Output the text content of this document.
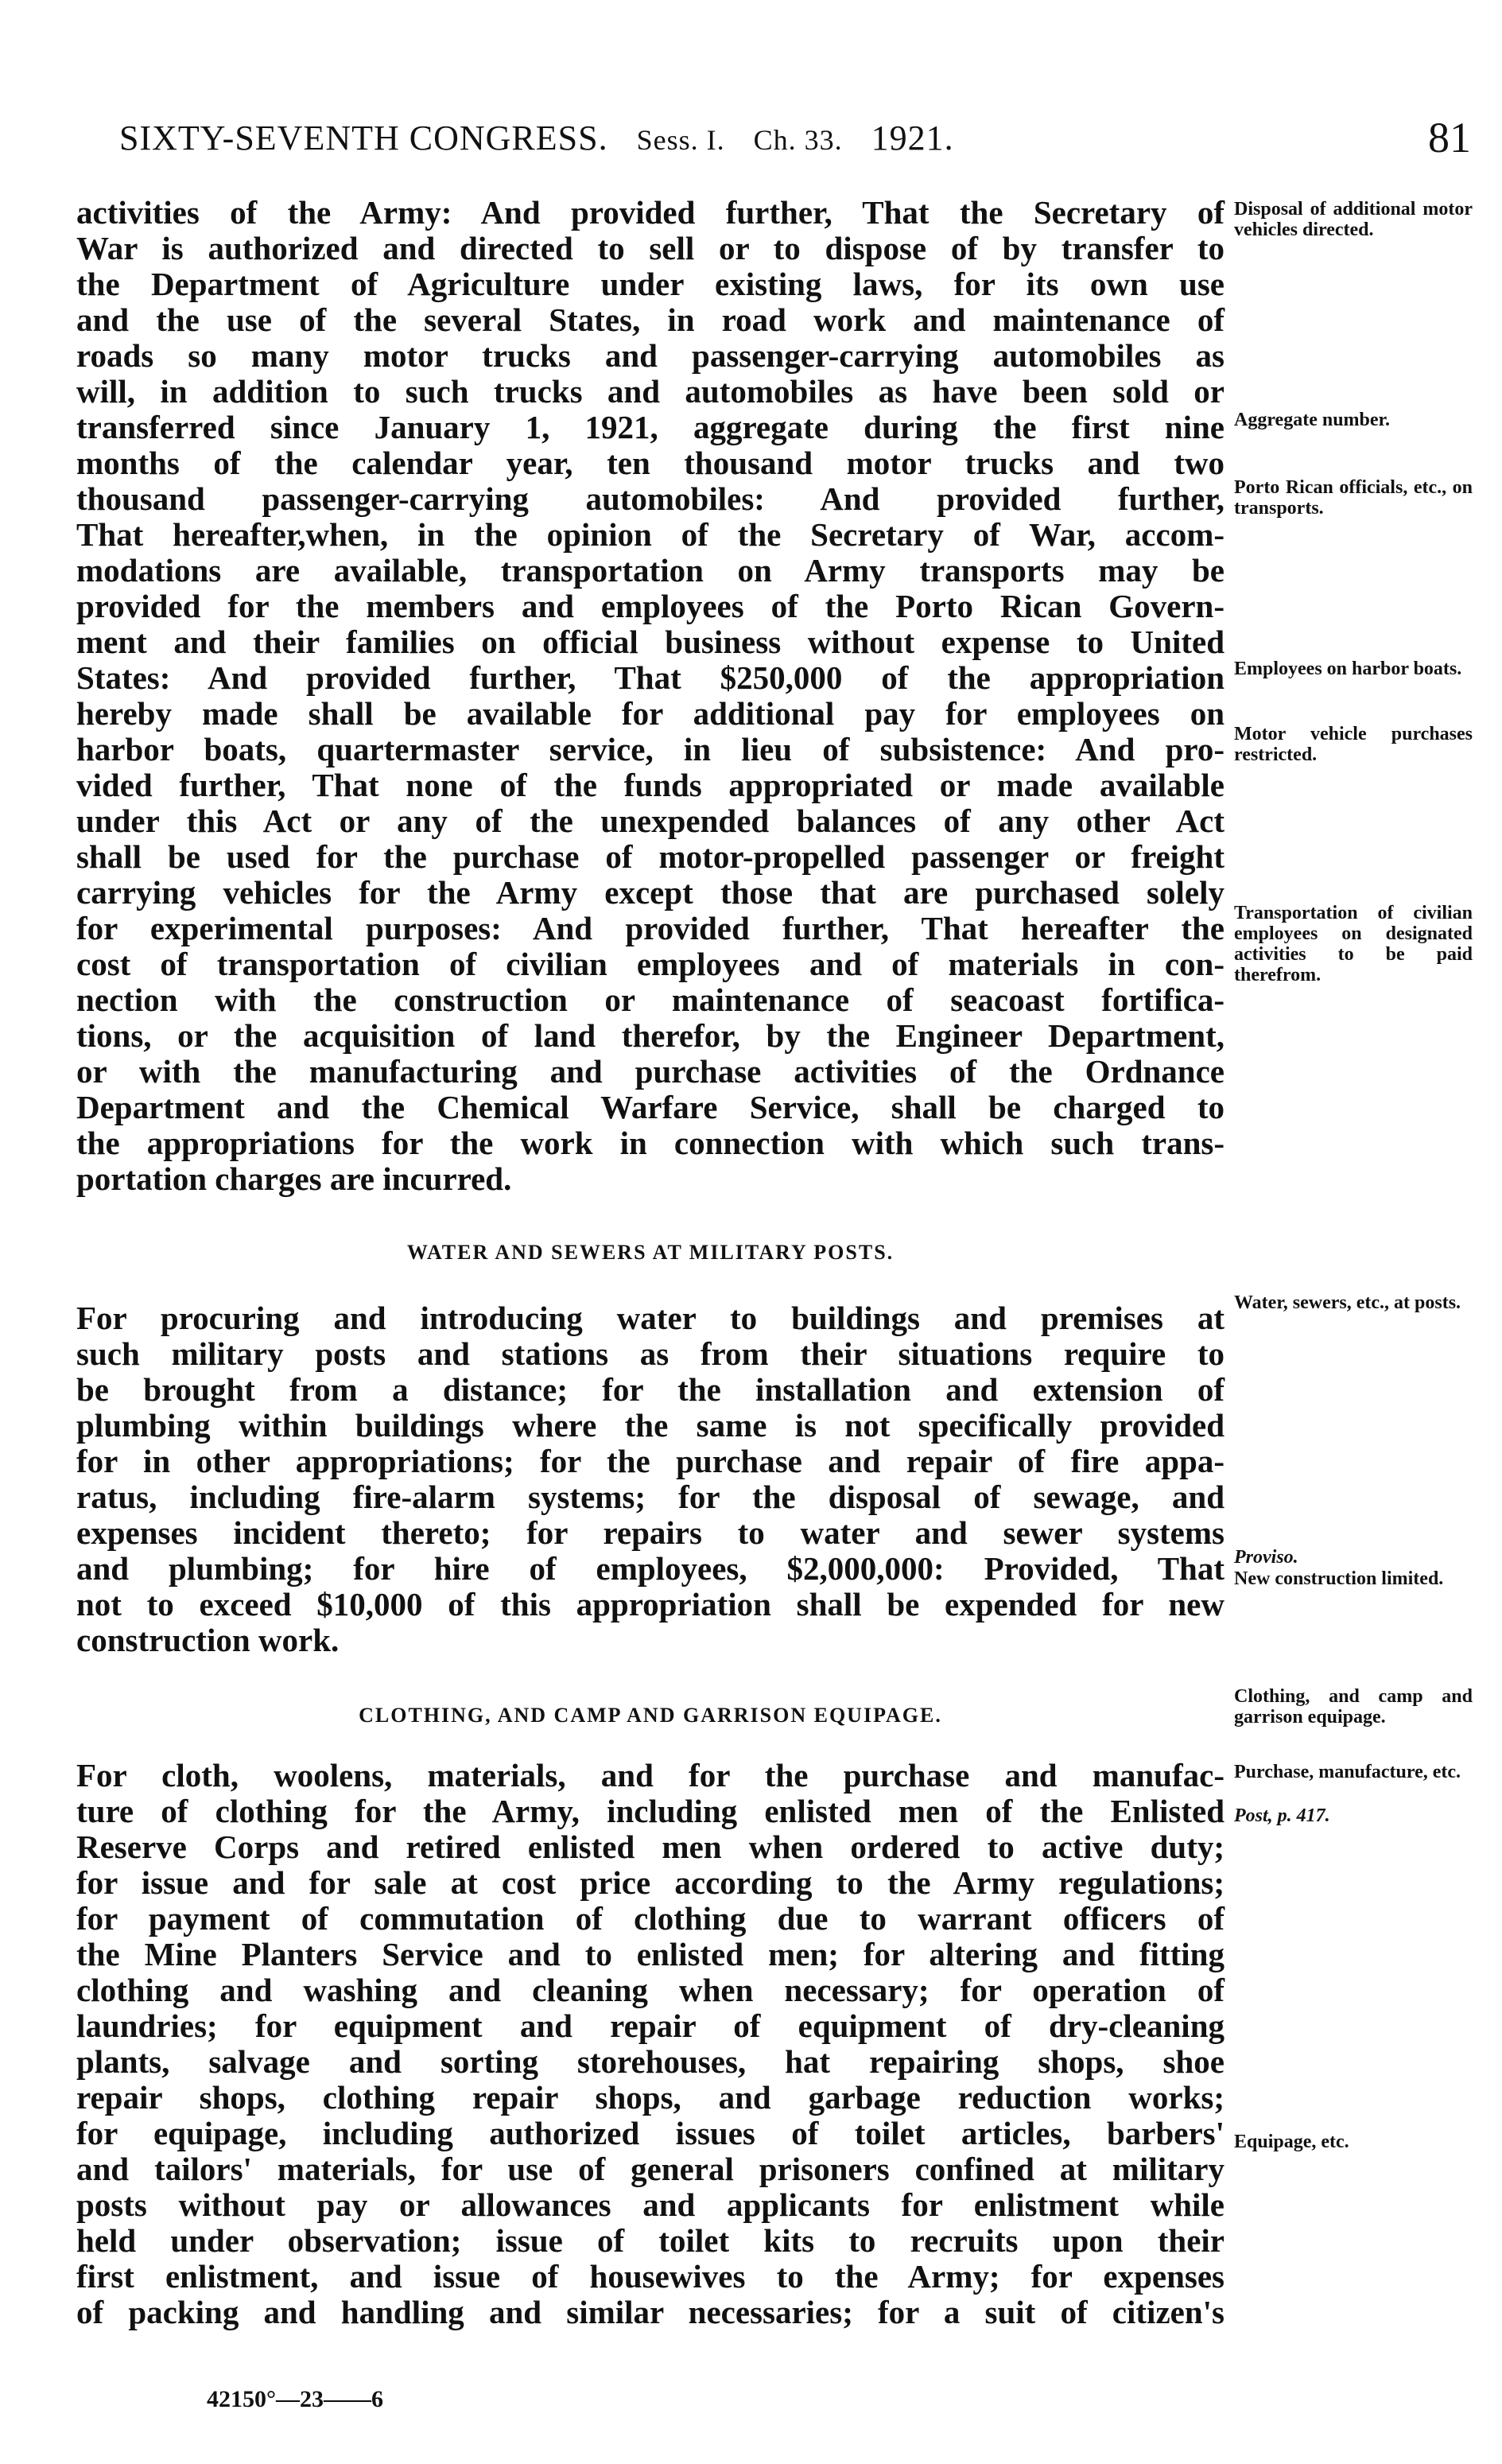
SIXTY-SEVENTH CONGRESS. Sess. I. Ch. 33. 1921.	81
activities of the Army: And provided further, That the Secretary of
War is authorized and directed to sell or to dispose of by transfer to
the Department of Agriculture under existing laws, for its own use
and the use of the several States, in road work and maintenance of
roads so many motor trucks and passenger-carrying automobiles as
will, in addition to such trucks and automobiles as have been sold or
transferred since January 1, 1921, aggregate during the first nine
months of the calendar year, ten thousand motor trucks and two
thousand passenger-carrying automobiles: And provided further,
That hereafter,when, in the opinion of the Secretary of War, accom-
modations are available, transportation on Army transports may be
provided for the members and employees of the Porto Rican Govern-
ment and their families on official business without expense to United
States: And provided further, That $250,000 of the appropriation
hereby made shall be available for additional pay for employees on
harbor boats, quartermaster service, in lieu of subsistence: And pro-
vided further, That none of the funds appropriated or made available
under this Act or any of the unexpended balances of any other Act
shall be used for the purchase of motor-propelled passenger or freight
carrying vehicles for the Army except those that are purchased solely
for experimental purposes: And provided further, That hereafter the
cost of transportation of civilian employees and of materials in con-
nection with the construction or maintenance of seacoast fortifica-
tions, or the acquisition of land therefor, by the Engineer Department,
or with the manufacturing and purchase activities of the Ordnance
Department and the Chemical Warfare Service, shall be charged to
the appropriations for the work in connection with which such trans-
portation charges are incurred.
WATER AND SEWERS AT MILITARY POSTS.
For procuring and introducing water to buildings and premises at
such military posts and stations as from their situations require to
be brought from a distance; for the installation and extension of
plumbing within buildings where the same is not specifically provided
for in other appropriations; for the purchase and repair of fire appa-
ratus, including fire-alarm systems; for the disposal of sewage, and
expenses incident thereto; for repairs to water and sewer systems
and plumbing; for hire of employees, $2,000,000: Provided, That
not to exceed $10,000 of this appropriation shall be expended for new
construction work.
CLOTHING, AND CAMP AND GARRISON EQUIPAGE.
For cloth, woolens, materials, and for the purchase and manufac-
ture of clothing for the Army, including enlisted men of the Enlisted
Reserve Corps and retired enlisted men when ordered to active duty;
for issue and for sale at cost price according to the Army regulations;
for payment of commutation of clothing due to warrant officers of
the Mine Planters Service and to enlisted men; for altering and fitting
clothing and washing and cleaning when necessary; for operation of
laundries; for equipment and repair of equipment of dry-cleaning
plants, salvage and sorting storehouses, hat repairing shops, shoe
repair shops, clothing repair shops, and garbage reduction works;
for equipage, including authorized issues of toilet articles, barbers'
and tailors' materials, for use of general prisoners confined at military
posts without pay or allowances and applicants for enlistment while
held under observation; issue of toilet kits to recruits upon their
first enlistment, and issue of housewives to the Army; for expenses
of packing and handling and similar necessaries; for a suit of citizen's
Disposal of additional motor vehicles directed.
Aggregate number.
Porto Rican officials, etc., on transports.
Employees on harbor boats.
Motor vehicle purchases restricted.
Transportation of civilian employees on designated activities to be paid therefrom.
Water, sewers, etc., at posts.
Proviso.
New construction limited.
Clothing, and camp and garrison equipage.
Purchase, manufacture, etc.
Post, p. 417.
Equipage, etc.
42150°—23——6
